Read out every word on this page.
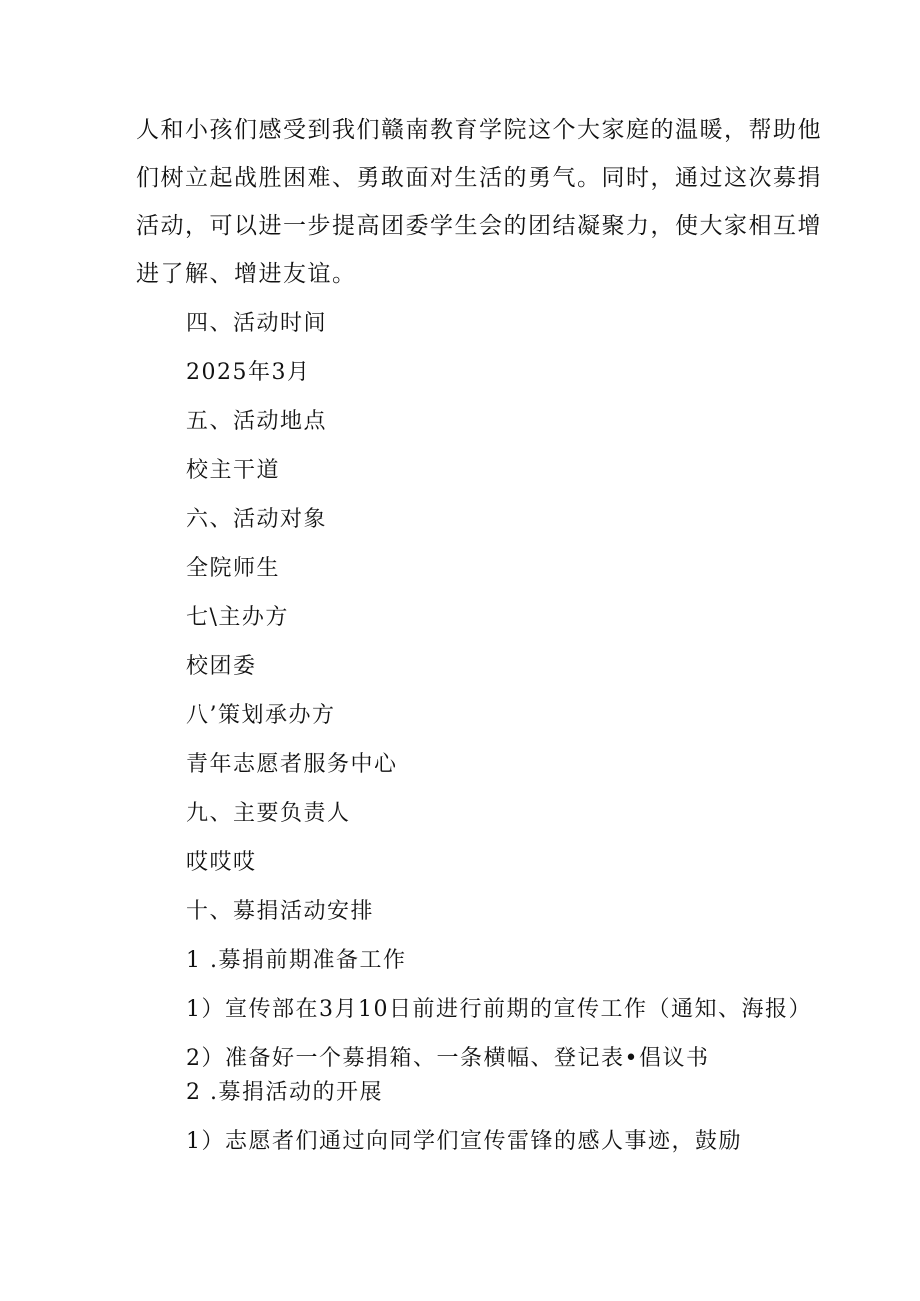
人和小孩们感受到我们赣南教育学院这个大家庭的温暖，帮助他
们树立起战胜困难、勇敢面对生活的勇气。同时，通过这次募捐
活动，可以进一步提高团委学生会的团结凝聚力，使大家相互增
进了解、增进友谊。

四、活动时间

2025年3月

五、活动地点

校主干道

六、活动对象

全院师生

七\主办方

校团委

八’策划承办方

青年志愿者服务中心

九、主要负责人

哎哎哎

十、募捐活动安排

1 .募捐前期准备工作

1）宣传部在3月10日前进行前期的宣传工作（通知、海报）

2）准备好一个募捐箱、一条横幅、登记表•倡议书

2 .募捐活动的开展

1）志愿者们通过向同学们宣传雷锋的感人事迹，鼓励
